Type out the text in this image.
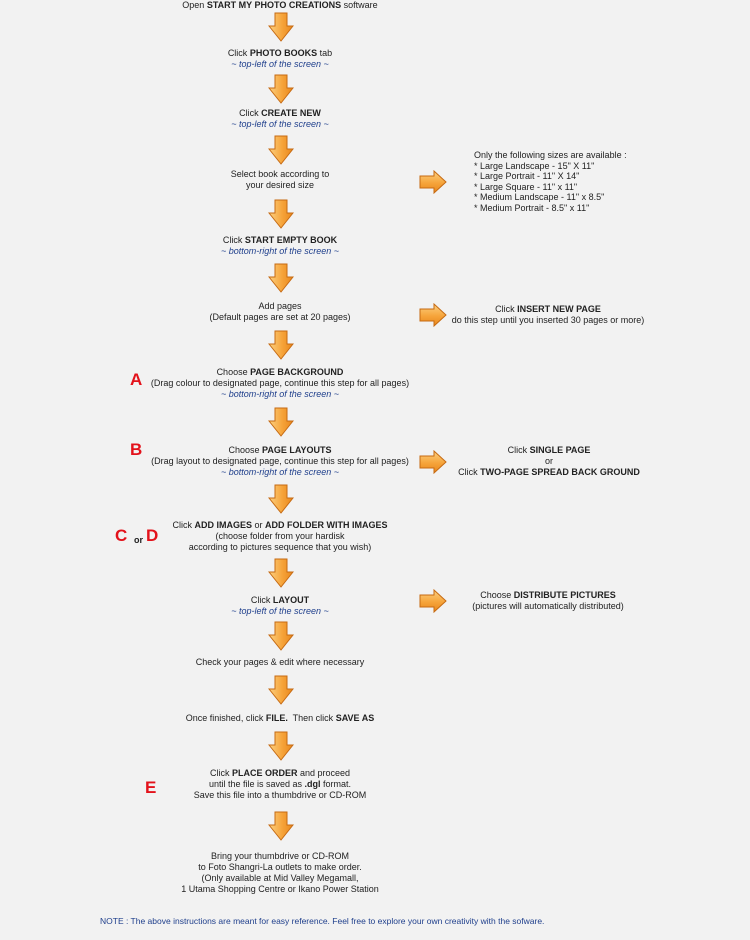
Open START MY PHOTO CREATIONS software
Click PHOTO BOOKS tab
~ top-left of the screen ~
Click CREATE NEW
~ top-left of the screen ~
Select book according to
your desired size
Only the following sizes are available :
* Large Landscape - 15" X 11"
* Large Portrait - 11" X 14"
* Large Square - 11" x 11"
* Medium Landscape - 11" x 8.5"
* Medium Portrait - 8.5" x 11"
Click START EMPTY BOOK
~ bottom-right of the screen ~
Add pages
(Default pages are set at 20 pages)
Click INSERT NEW PAGE
do this step until you inserted 30 pages or more)
A	Choose PAGE BACKGROUND
(Drag colour to designated page, continue this step for all pages)
~ bottom-right of the screen ~
B	Choose PAGE LAYOUTS
(Drag layout to designated page, continue this step for all pages)
~ bottom-right of the screen ~
Click SINGLE PAGE
or
Click TWO-PAGE SPREAD BACK GROUND
C or D
Click ADD IMAGES or ADD FOLDER WITH IMAGES
(choose folder from your hardisk
according to pictures sequence that you wish)
Click LAYOUT
~ top-left of the screen ~
Choose DISTRIBUTE PICTURES
(pictures will automatically distributed)
Check your pages & edit where necessary
Once finished, click FILE.  Then click SAVE AS
E
Click PLACE ORDER and proceed
until the file is saved as .dgl format.
Save this file into a thumbdrive or CD-ROM
Bring your thumbdrive or CD-ROM
to Foto Shangri-La outlets to make order.
(Only available at Mid Valley Megamall,
1 Utama Shopping Centre or Ikano Power Station
NOTE : The above instructions are meant for easy reference. Feel free to explore your own creativity with the sofware.
